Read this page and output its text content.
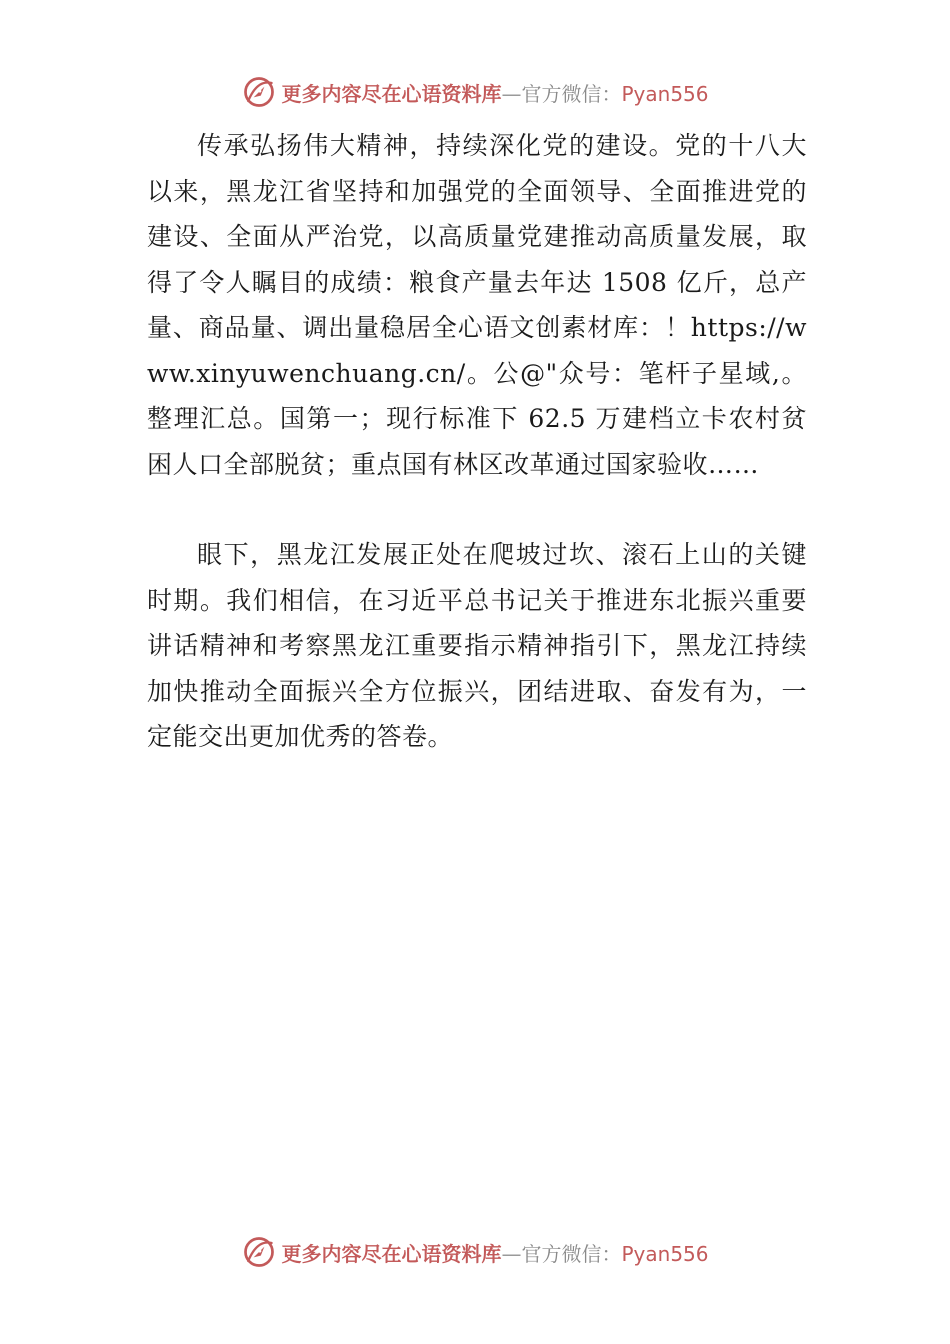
更多内容尽在心语资料库—官方微信：Pyan556

传承弘扬伟大精神，持续深化党的建设。党的十八大以来，黑龙江省坚持和加强党的全面领导、全面推进党的建设、全面从严治党，以高质量党建推动高质量发展，取得了令人瞩目的成绩：粮食产量去年达 1508 亿斤，总产量、商品量、调出量稳居全心语文创素材库：！https://www.xinyuwenchuang.cn/。公@"众号：笔杆子星域,。整理汇总。国第一；现行标准下 62.5 万建档立卡农村贫困人口全部脱贫；重点国有林区改革通过国家验收……

眼下，黑龙江发展正处在爬坡过坎、滚石上山的关键时期。我们相信，在习近平总书记关于推进东北振兴重要讲话精神和考察黑龙江重要指示精神指引下，黑龙江持续加快推动全面振兴全方位振兴，团结进取、奋发有为，一定能交出更加优秀的答卷。

更多内容尽在心语资料库—官方微信：Pyan556
